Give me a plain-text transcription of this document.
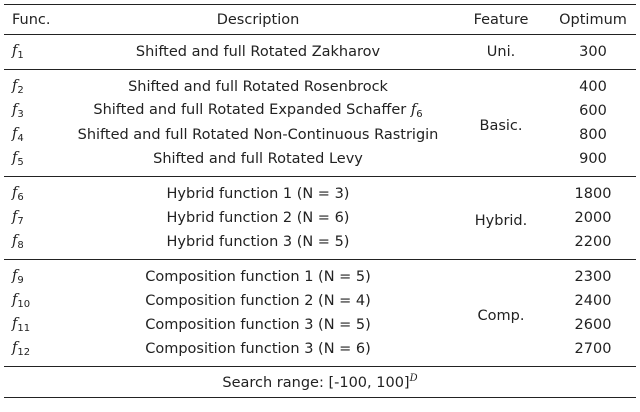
Func.	Description	Feature	Optimum
$f_1$	Shifted and full Rotated Zakharov	Uni.	300
$f_2$	Shifted and full Rotated Rosenbrock	Basic.	400
$f_3$	Shifted and full Rotated Expanded Schaffer $f_6$		600
$f_4$	Shifted and full Rotated Non-Continuous Rastrigin		800
$f_5$	Shifted and full Rotated Levy		900
$f_6$	Hybrid function 1 (N = 3)	Hybrid.	1800
$f_7$	Hybrid function 2 (N = 6)		2000
$f_8$	Hybrid function 3 (N = 5)		2200
$f_9$	Composition function 1 (N = 5)	Comp.	2300
$f_{10}$	Composition function 2 (N = 4)		2400
$f_{11}$	Composition function 3 (N = 5)		2600
$f_{12}$	Composition function 3 (N = 6)		2700
Search range: [-100, 100]$^D$
